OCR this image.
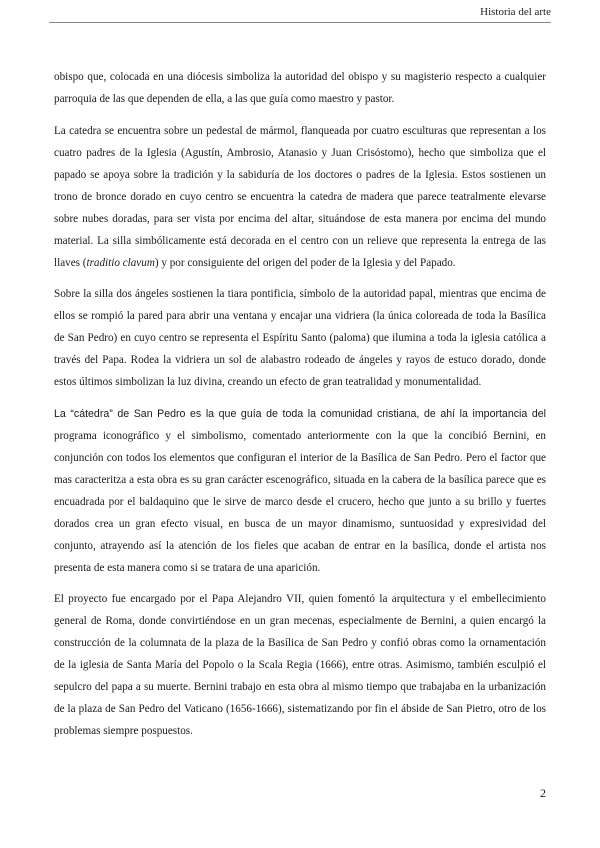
Historia del arte

obispo que, colocada en una diócesis simboliza la autoridad del obispo y su magisterio respecto a cualquier parroquia de las que dependen de ella, a las que guía como maestro y pastor.

La catedra se encuentra sobre un pedestal de mármol, flanqueada por cuatro esculturas que representan a los cuatro padres de la Iglesia (Agustín, Ambrosio, Atanasio y Juan Crisóstomo), hecho que simboliza que el papado se apoya sobre la tradición y la sabiduría de los doctores o padres de la Iglesia. Estos sostienen un trono de bronce dorado en cuyo centro se encuentra la catedra de madera que parece teatralmente elevarse sobre nubes doradas, para ser vista por encima del altar, situándose de esta manera por encima del mundo material. La silla simbólicamente está decorada en el centro con un relieve que representa la entrega de las llaves (traditio clavum) y por consiguiente del origen del poder de la Iglesia y del Papado.

Sobre la silla dos ángeles sostienen la tiara pontificia, símbolo de la autoridad papal, mientras que encima de ellos se rompió la pared para abrir una ventana y encajar una vidriera (la única coloreada de toda la Basílica de San Pedro) en cuyo centro se representa el Espíritu Santo (paloma) que ilumina a toda la iglesia católica a través del Papa. Rodea la vidriera un sol de alabastro rodeado de ángeles y rayos de estuco dorado, donde estos últimos simbolizan la luz divina, creando un efecto de gran teatralidad y monumentalidad.

La “cátedra” de San Pedro es la que guía de toda la comunidad cristiana, de ahí la importancia del programa iconográfico y el simbolismo, comentado anteriormente con la que la concibió Bernini, en conjunción con todos los elementos que configuran el interior de la Basílica de San Pedro. Pero el factor que mas caracteritza a esta obra es su gran carácter escenográfico, situada en la cabera de la basílica parece que es encuadrada por el baldaquino que le sirve de marco desde el crucero, hecho que junto a su brillo y fuertes dorados crea un gran efecto visual, en busca de un mayor dinamismo, suntuosidad y expresividad del conjunto, atrayendo así la atención de los fieles que acaban de entrar en la basílica, donde el artista nos presenta de esta manera como si se tratara de una aparición.

El proyecto fue encargado por el Papa Alejandro VII, quien fomentó la arquitectura y el embellecimiento general de Roma, donde convirtiéndose en un gran mecenas, especialmente de Bernini, a quien encargó la construcción de la columnata de la plaza de la Basílica de San Pedro y confió obras como la ornamentación de la iglesia de Santa María del Popolo o la Scala Regia (1666), entre otras. Asimismo, también esculpió el sepulcro del papa a su muerte. Bernini trabajo en esta obra al mismo tiempo que trabajaba en la urbanización de la plaza de San Pedro del Vaticano (1656-1666), sistematizando por fin el ábside de San Pietro, otro de los problemas siempre pospuestos.

2
